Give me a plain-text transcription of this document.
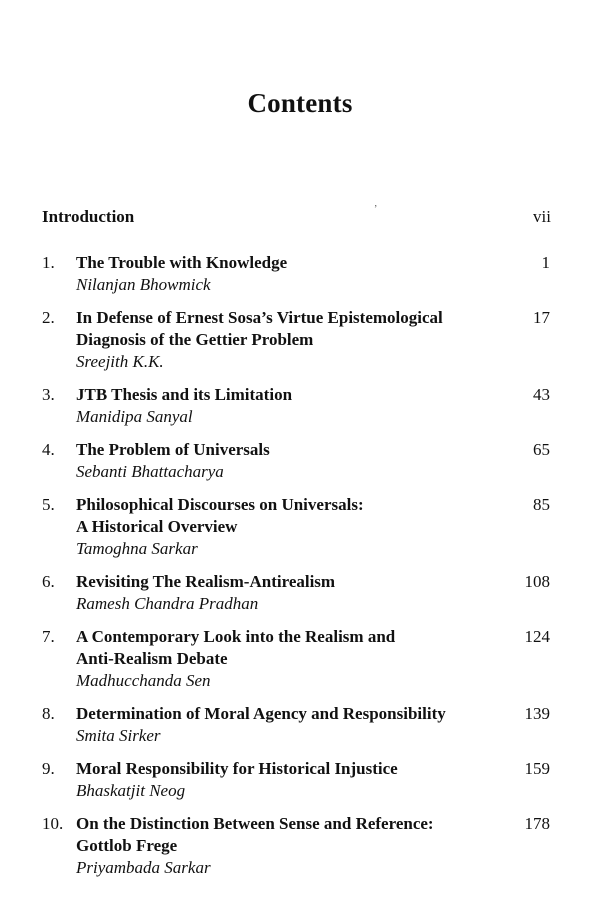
Contents
Introduction	ʼ	vii
1. The Trouble with Knowledge
Nilanjan Bhowmick
1
2. In Defense of Ernest Sosa’s Virtue Epistemological
Diagnosis of the Gettier Problem
Sreejith K.K.
17
3. JTB Thesis and its Limitation
Manidipa Sanyal
43
4. The Problem of Universals
Sebanti Bhattacharya
65
5. Philosophical Discourses on Universals:
A Historical Overview
Tamoghna Sarkar
85
6. Revisiting The Realism-Antirealism
Ramesh Chandra Pradhan
108
7. A Contemporary Look into the Realism and
Anti-Realism Debate
Madhucchanda Sen
124
8. Determination of Moral Agency and Responsibility
Smita Sirker
139
9. Moral Responsibility for Historical Injustice
Bhaskatjit Neog
159
10. On the Distinction Between Sense and Reference:
Gottlob Frege
Priyambada Sarkar
178
